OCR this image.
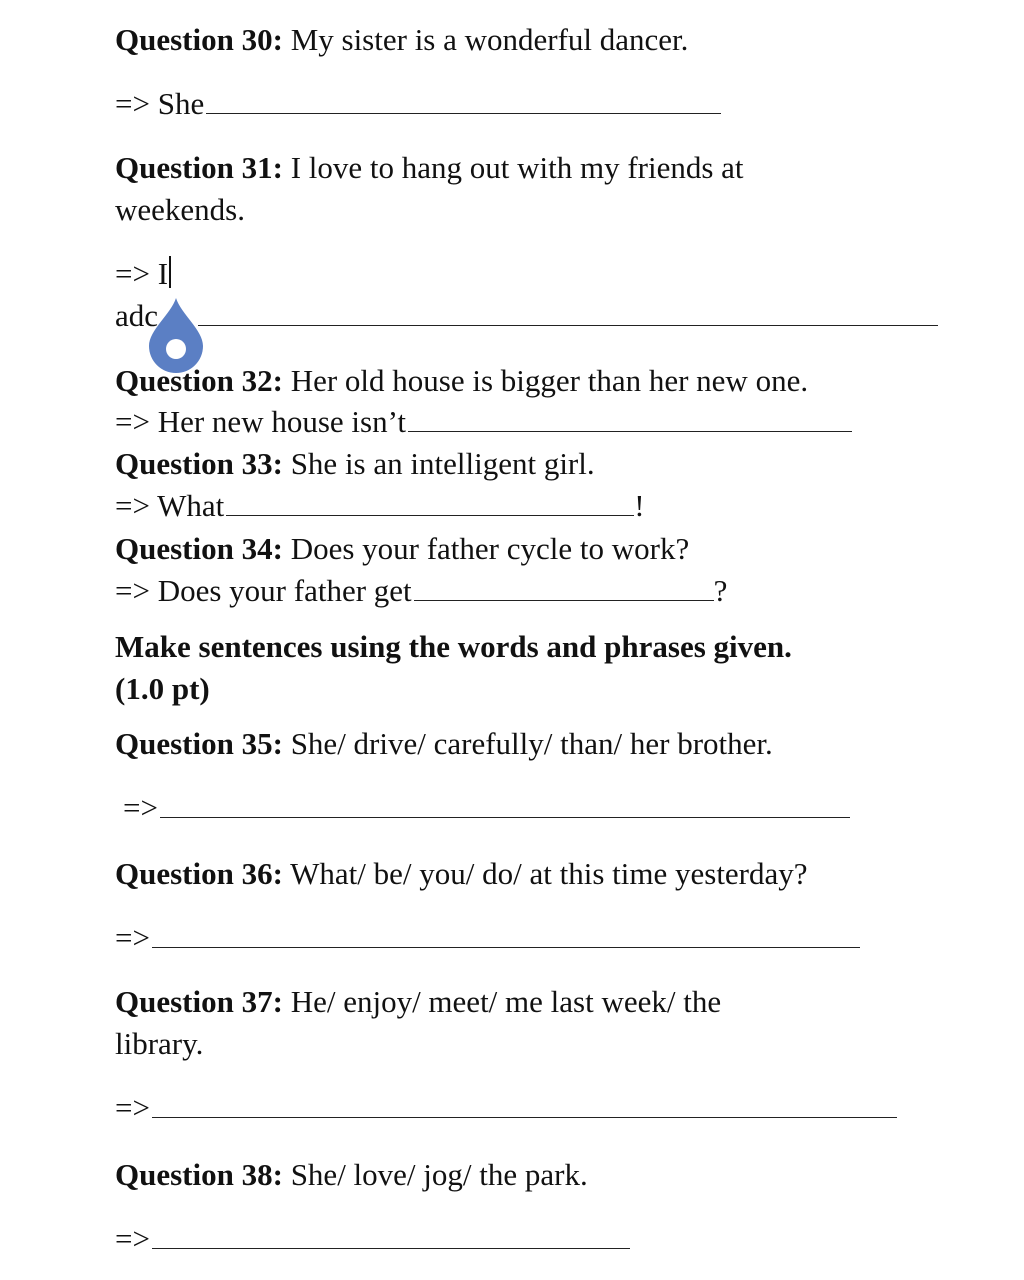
Question 30: My sister is a wonderful dancer.
=> She
Question 31: I love to hang out with my friends at
weekends.
=> I
adc
Question 32: Her old house is bigger than her new one.
=> Her new house isn’t
Question 33: She is an intelligent girl.
=> What	!
Question 34: Does your father cycle to work?
=> Does your father get	?
Make sentences using the words and phrases given.
(1.0 pt)
Question 35: She/ drive/ carefully/ than/ her brother.
=>
Question 36: What/ be/ you/ do/ at this time yesterday?
=>
Question 37: He/ enjoy/ meet/ me last week/ the
library.
=>
Question 38: She/ love/ jog/ the park.
=>
